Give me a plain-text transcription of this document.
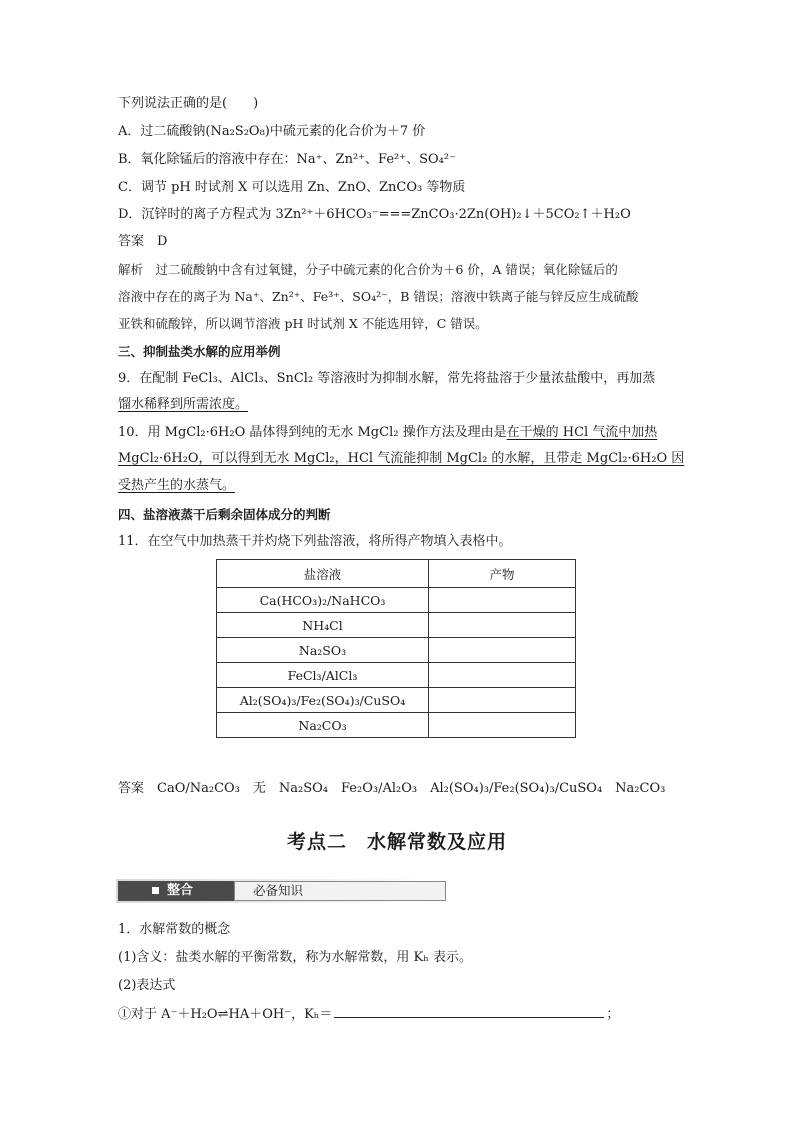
下列说法正确的是(　　)
A．过二硫酸钠(Na₂S₂O₈)中硫元素的化合价为＋7 价
B．氧化除锰后的溶液中存在：Na⁺、Zn²⁺、Fe²⁺、SO₄²⁻
C．调节 pH 时试剂 X 可以选用 Zn、ZnO、ZnCO₃ 等物质
D．沉锌时的离子方程式为 3Zn²⁺＋6HCO₃⁻===ZnCO₃·2Zn(OH)₂↓＋5CO₂↑＋H₂O
答案　D
解析　过二硫酸钠中含有过氧键，分子中硫元素的化合价为＋6 价，A 错误；氧化除锰后的
溶液中存在的离子为 Na⁺、Zn²⁺、Fe³⁺、SO₄²⁻，B 错误；溶液中铁离子能与锌反应生成硫酸
亚铁和硫酸锌，所以调节溶液 pH 时试剂 X 不能选用锌，C 错误。
三、抑制盐类水解的应用举例
9．在配制 FeCl₃、AlCl₃、SnCl₂ 等溶液时为抑制水解，常先将盐溶于少量浓盐酸中，再加蒸
馏水稀释到所需浓度。
10．用 MgCl₂·6H₂O 晶体得到纯的无水 MgCl₂ 操作方法及理由是在干燥的 HCl 气流中加热
MgCl₂·6H₂O，可以得到无水 MgCl₂，HCl 气流能抑制 MgCl₂ 的水解，且带走 MgCl₂·6H₂O 因
受热产生的水蒸气。
四、盐溶液蒸干后剩余固体成分的判断
11．在空气中加热蒸干并灼烧下列盐溶液，将所得产物填入表格中。
盐溶液	产物
Ca(HCO₃)₂/NaHCO₃	
NH₄Cl	
Na₂SO₃	
FeCl₃/AlCl₃	
Al₂(SO₄)₃/Fe₂(SO₄)₃/CuSO₄	
Na₂CO₃	
答案　CaO/Na₂CO₃　无　Na₂SO₄　Fe₂O₃/Al₂O₃　Al₂(SO₄)₃/Fe₂(SO₄)₃/CuSO₄　Na₂CO₃
考点二　水解常数及应用
整合	必备知识
1．水解常数的概念
(1)含义：盐类水解的平衡常数，称为水解常数，用 Kₕ 表示。
(2)表达式
①对于 A⁻＋H₂O⇌HA＋OH⁻，Kₕ＝	；
